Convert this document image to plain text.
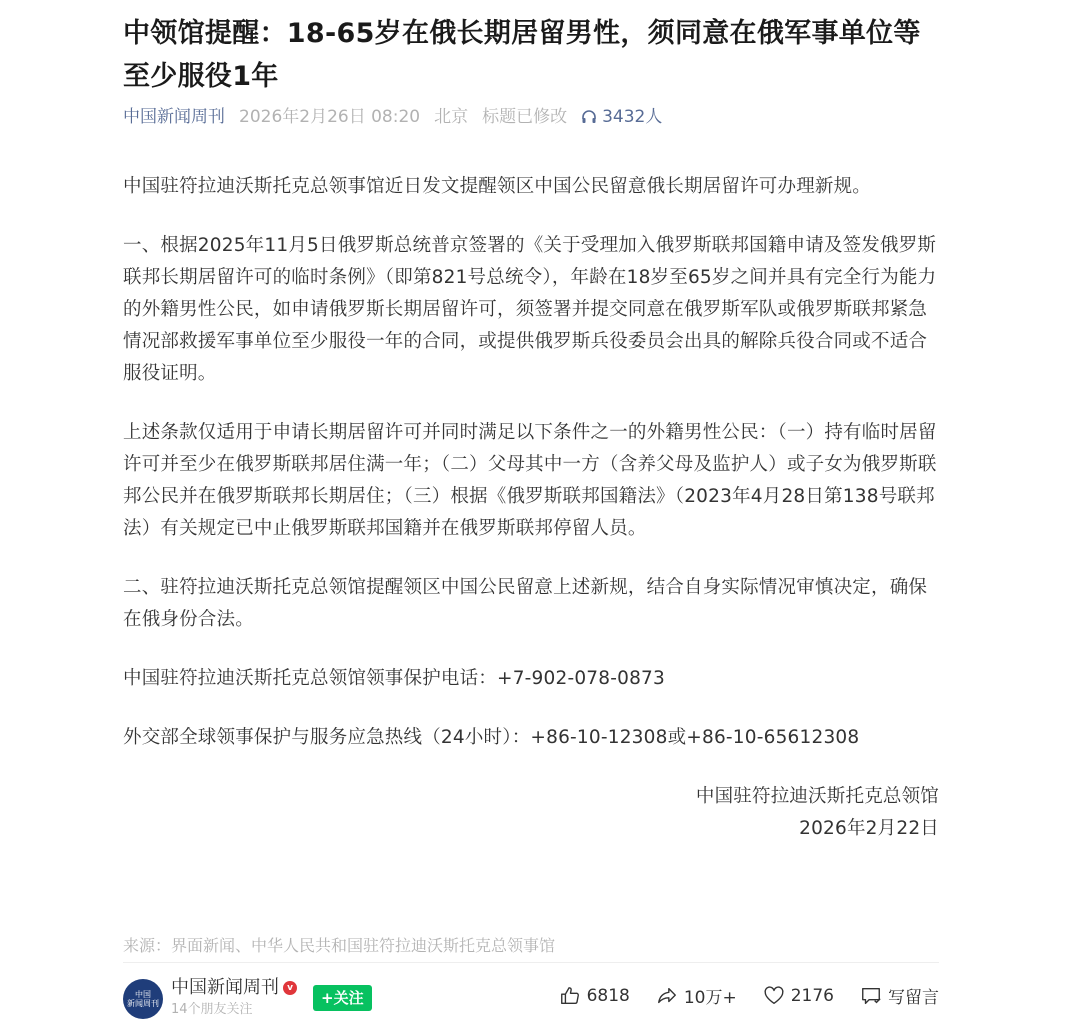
中领馆提醒：18-65岁在俄长期居留男性，须同意在俄军事单位等至少服役1年
中国新闻周刊 2026年2月26日 08:20 北京 标题已修改 3432人

中国驻符拉迪沃斯托克总领事馆近日发文提醒领区中国公民留意俄长期居留许可办理新规。

一、根据2025年11月5日俄罗斯总统普京签署的《关于受理加入俄罗斯联邦国籍申请及签发俄罗斯联邦长期居留许可的临时条例》（即第821号总统令），年龄在18岁至65岁之间并具有完全行为能力的外籍男性公民，如申请俄罗斯长期居留许可，须签署并提交同意在俄罗斯军队或俄罗斯联邦紧急情况部救援军事单位至少服役一年的合同，或提供俄罗斯兵役委员会出具的解除兵役合同或不适合服役证明。

上述条款仅适用于申请长期居留许可并同时满足以下条件之一的外籍男性公民：（一）持有临时居留许可并至少在俄罗斯联邦居住满一年；（二）父母其中一方（含养父母及监护人）或子女为俄罗斯联邦公民并在俄罗斯联邦长期居住；（三）根据《俄罗斯联邦国籍法》（2023年4月28日第138号联邦法）有关规定已中止俄罗斯联邦国籍并在俄罗斯联邦停留人员。

二、驻符拉迪沃斯托克总领馆提醒领区中国公民留意上述新规，结合自身实际情况审慎决定，确保在俄身份合法。

中国驻符拉迪沃斯托克总领馆领事保护电话：+7-902-078-0873

外交部全球领事保护与服务应急热线（24小时）：+86-10-12308或+86-10-65612308

中国驻符拉迪沃斯托克总领馆

2026年2月22日

来源：界面新闻、中华人民共和国驻符拉迪沃斯托克总领事馆
中国
新闻周刊
中国新闻周刊 v
14个朋友关注
+关注	6818	10万+	2176	写留言
